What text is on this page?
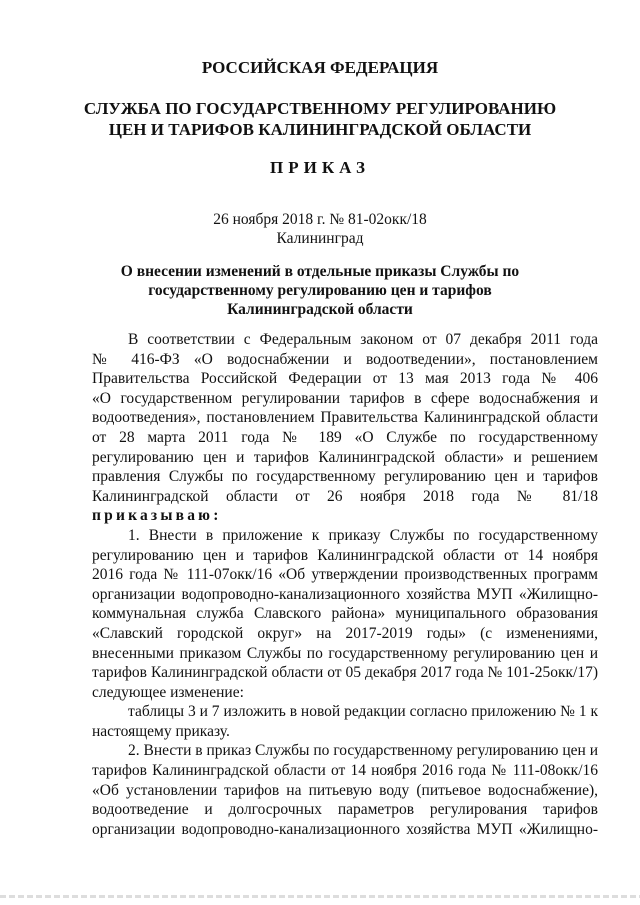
РОССИЙСКАЯ ФЕДЕРАЦИЯ
СЛУЖБА ПО ГОСУДАРСТВЕННОМУ РЕГУЛИРОВАНИЮ
ЦЕН И ТАРИФОВ КАЛИНИНГРАДСКОЙ ОБЛАСТИ
ПРИКАЗ
26 ноября 2018 г. № 81-02окк/18
Калининград
О внесении изменений в отдельные приказы Службы по
государственному регулированию цен и тарифов
Калининградской области

В соответствии с Федеральным законом от 07 декабря 2011 года

№ 416-ФЗ «О водоснабжении и водоотведении», постановлением

Правительства Российской Федерации от 13 мая 2013 года № 406

«О государственном регулировании тарифов в сфере водоснабжения и

водоотведения», постановлением Правительства Калининградской области

от 28 марта 2011 года № 189 «О Службе по государственному

регулированию цен и тарифов Калининградской области» и решением

правления Службы по государственному регулированию цен и тарифов

Калининградской области от 26 ноября 2018 года № 81/18

приказываю:

1. Внести в приложение к приказу Службы по государственному

регулированию цен и тарифов Калининградской области от 14 ноября

2016 года № 111-07окк/16 «Об утверждении производственных программ

организации водопроводно-канализационного хозяйства МУП «Жилищно-

коммунальная служба Славского района» муниципального образования

«Славский городской округ» на 2017-2019 годы» (с изменениями,

внесенными приказом Службы по государственному регулированию цен и

тарифов Калининградской области от 05 декабря 2017 года № 101-25окк/17)

следующее изменение:

таблицы 3 и 7 изложить в новой редакции согласно приложению № 1 к

настоящему приказу.

2. Внести в приказ Службы по государственному регулированию цен и

тарифов Калининградской области от 14 ноября 2016 года № 111-08окк/16

«Об установлении тарифов на питьевую воду (питьевое водоснабжение),

водоотведение и долгосрочных параметров регулирования тарифов

организации водопроводно-канализационного хозяйства МУП «Жилищно-
